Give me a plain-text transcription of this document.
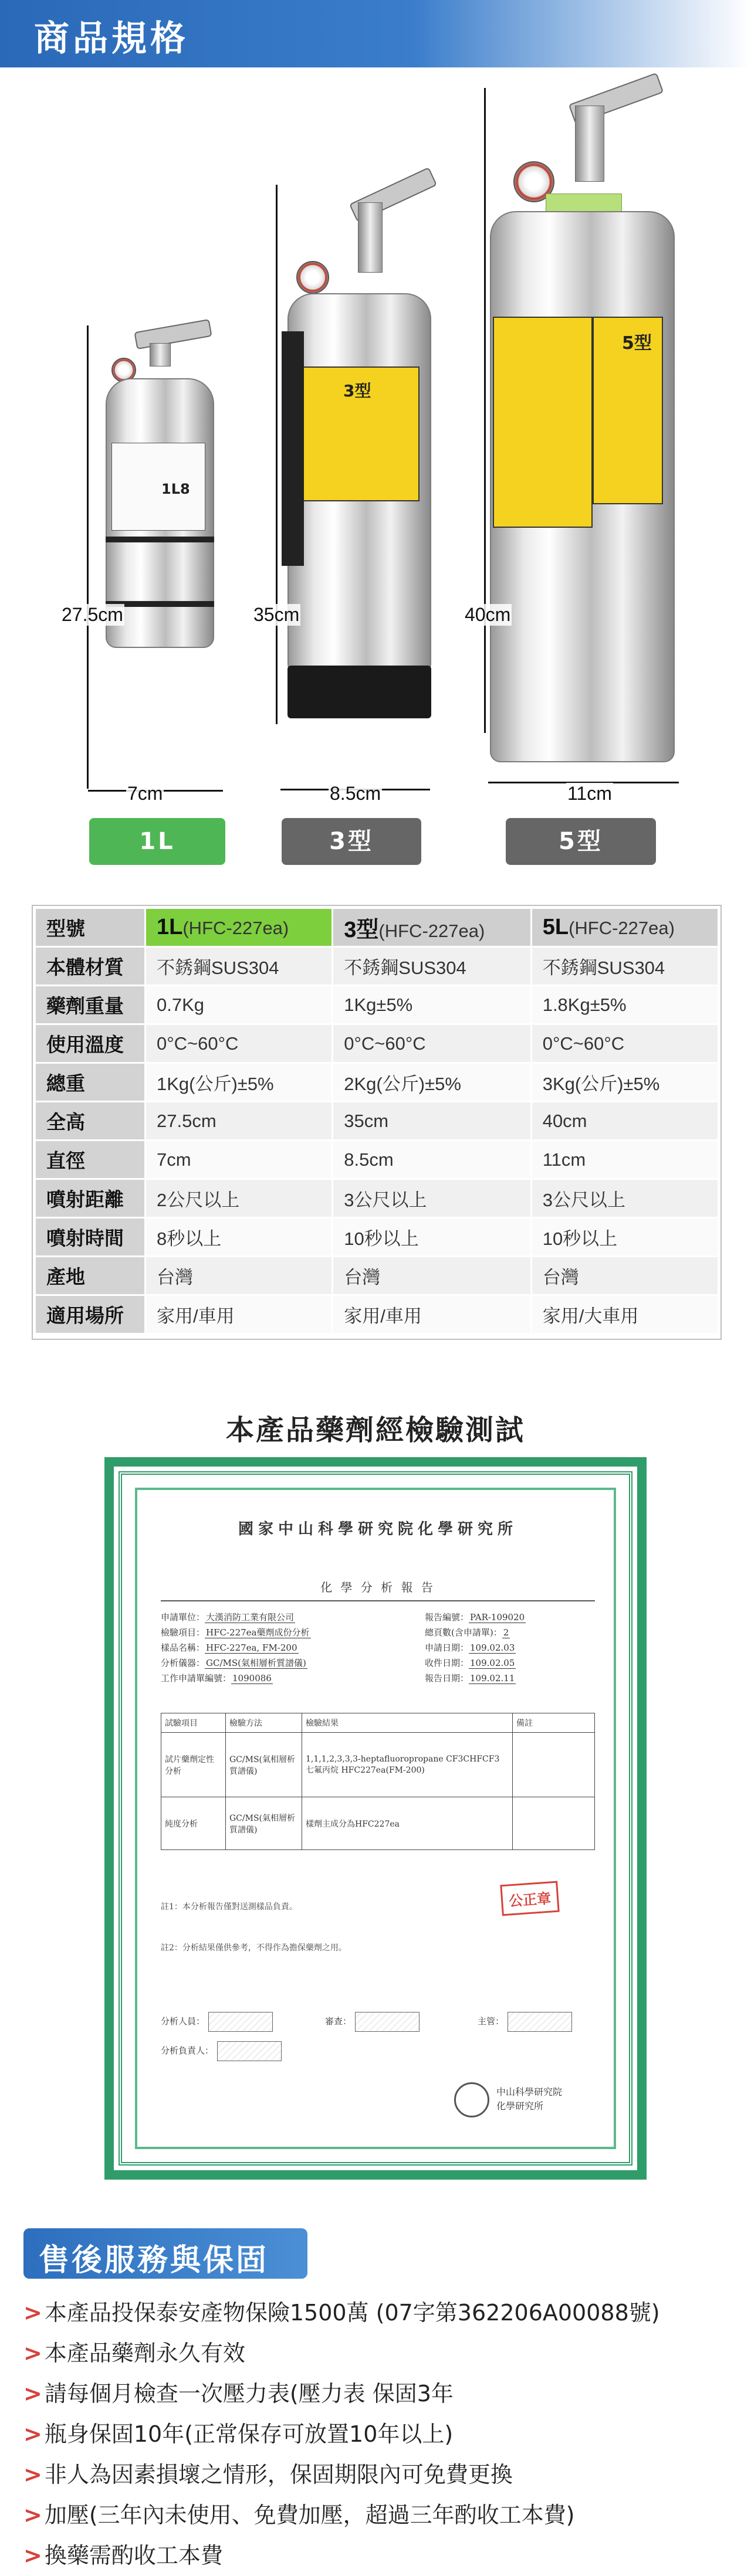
商品規格
1L8
27.5cm
7cm
1L
3型
35cm
8.5cm
3型
5型
40cm
11cm
5型
型號	1L(HFC-227ea)	3型(HFC-227ea)	5L(HFC-227ea)
本體材質	不銹鋼SUS304	不銹鋼SUS304	不銹鋼SUS304
藥劑重量	0.7Kg	1Kg±5%	1.8Kg±5%
使用溫度	0°C~60°C	0°C~60°C	0°C~60°C
總重	1Kg(公斤)±5%	2Kg(公斤)±5%	3Kg(公斤)±5%
全高	27.5cm	35cm	40cm
直徑	7cm	8.5cm	11cm
噴射距離	2公尺以上	3公尺以上	3公尺以上
噴射時間	8秒以上	10秒以上	10秒以上
產地	台灣	台灣	台灣
適用場所	家用/車用	家用/車用	家用/大車用
本產品藥劑經檢驗測試
國家中山科學研究院化學研究所
化 學 分 析 報 告
申請單位： 大漢消防工業有限公司
檢驗項目： HFC-227ea藥劑成份分析
樣品名稱： HFC-227ea, FM-200
分析儀器： GC/MS(氣相層析質譜儀)
工作申請單編號： 1090086
報告編號： PAR-109020
總頁數(含申請單)： 2
申請日期： 109.02.03
收件日期： 109.02.05
報告日期： 109.02.11
試驗項目	檢驗方法	檢驗結果	備註
試片藥劑定性分析	GC/MS(氣相層析質譜儀)	1,1,1,2,3,3,3-heptafluoropropane CF3CHFCF3 七氟丙烷 HFC227ea(FM-200)	
純度分析	GC/MS(氣相層析質譜儀)	樣劑主成分為HFC227ea	
註1：本分析報告僅對送測樣品負責。
註2：分析結果僅供參考，不得作為擔保藥劑之用。
公正章
分析人員：	審查：	主管：
分析負責人：
中山科學研究院
化學研究所
售後服務與保固
> 本產品投保泰安產物保險1500萬 (07字第362206A00088號)
> 本產品藥劑永久有效
> 請每個月檢查一次壓力表(壓力表 保固3年
> 瓶身保固10年(正常保存可放置10年以上)
> 非人為因素損壞之情形，保固期限內可免費更換
> 加壓(三年內未使用、免費加壓，超過三年酌收工本費)
> 換藥需酌收工本費
